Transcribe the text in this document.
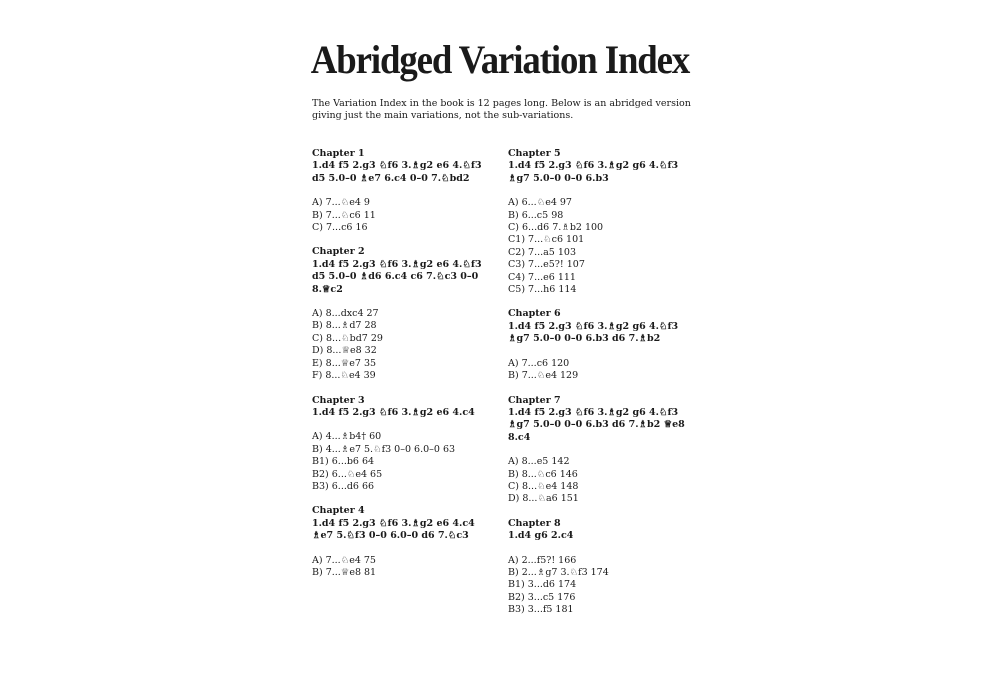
Abridged Variation Index
The Variation Index in the book is 12 pages long. Below is an abridged version giving just the main variations, not the sub-variations.
Chapter 1
1.d4 f5 2.g3 ♘f6 3.♗g2 e6 4.♘f3 d5 5.0–0 ♗e7 6.c4 0–0 7.♘bd2
A) 7...♘e4 9
B) 7...♘c6 11
C) 7...c6 16
Chapter 2
1.d4 f5 2.g3 ♘f6 3.♗g2 e6 4.♘f3 d5 5.0–0 ♗d6 6.c4 c6 7.♘c3 0–0 8.♕c2
A) 8...dxc4 27
B) 8...♗d7 28
C) 8...♘bd7 29
D) 8...♕e8 32
E) 8...♕e7 35
F) 8...♘e4 39
Chapter 3
1.d4 f5 2.g3 ♘f6 3.♗g2 e6 4.c4
A) 4...♗b4† 60
B) 4...♗e7 5.♘f3 0–0 6.0–0 63
B1) 6...b6 64
B2) 6...♘e4 65
B3) 6...d6 66
Chapter 4
1.d4 f5 2.g3 ♘f6 3.♗g2 e6 4.c4 ♗e7 5.♘f3 0–0 6.0–0 d6 7.♘c3
A) 7...♘e4 75
B) 7...♕e8 81
Chapter 5
1.d4 f5 2.g3 ♘f6 3.♗g2 g6 4.♘f3 ♗g7 5.0–0 0–0 6.b3
A) 6...♘e4 97
B) 6...c5 98
C) 6...d6 7.♗b2 100
C1) 7...♘c6 101
C2) 7...a5 103
C3) 7...e5?! 107
C4) 7...e6 111
C5) 7...h6 114
Chapter 6
1.d4 f5 2.g3 ♘f6 3.♗g2 g6 4.♘f3 ♗g7 5.0–0 0–0 6.b3 d6 7.♗b2
A) 7...c6 120
B) 7...♘e4 129
Chapter 7
1.d4 f5 2.g3 ♘f6 3.♗g2 g6 4.♘f3 ♗g7 5.0–0 0–0 6.b3 d6 7.♗b2 ♕e8 8.c4
A) 8...e5 142
B) 8...♘c6 146
C) 8...♘e4 148
D) 8...♘a6 151
Chapter 8
1.d4 g6 2.c4
A) 2...f5?! 166
B) 2...♗g7 3.♘f3 174
B1) 3...d6 174
B2) 3...c5 176
B3) 3...f5 181
